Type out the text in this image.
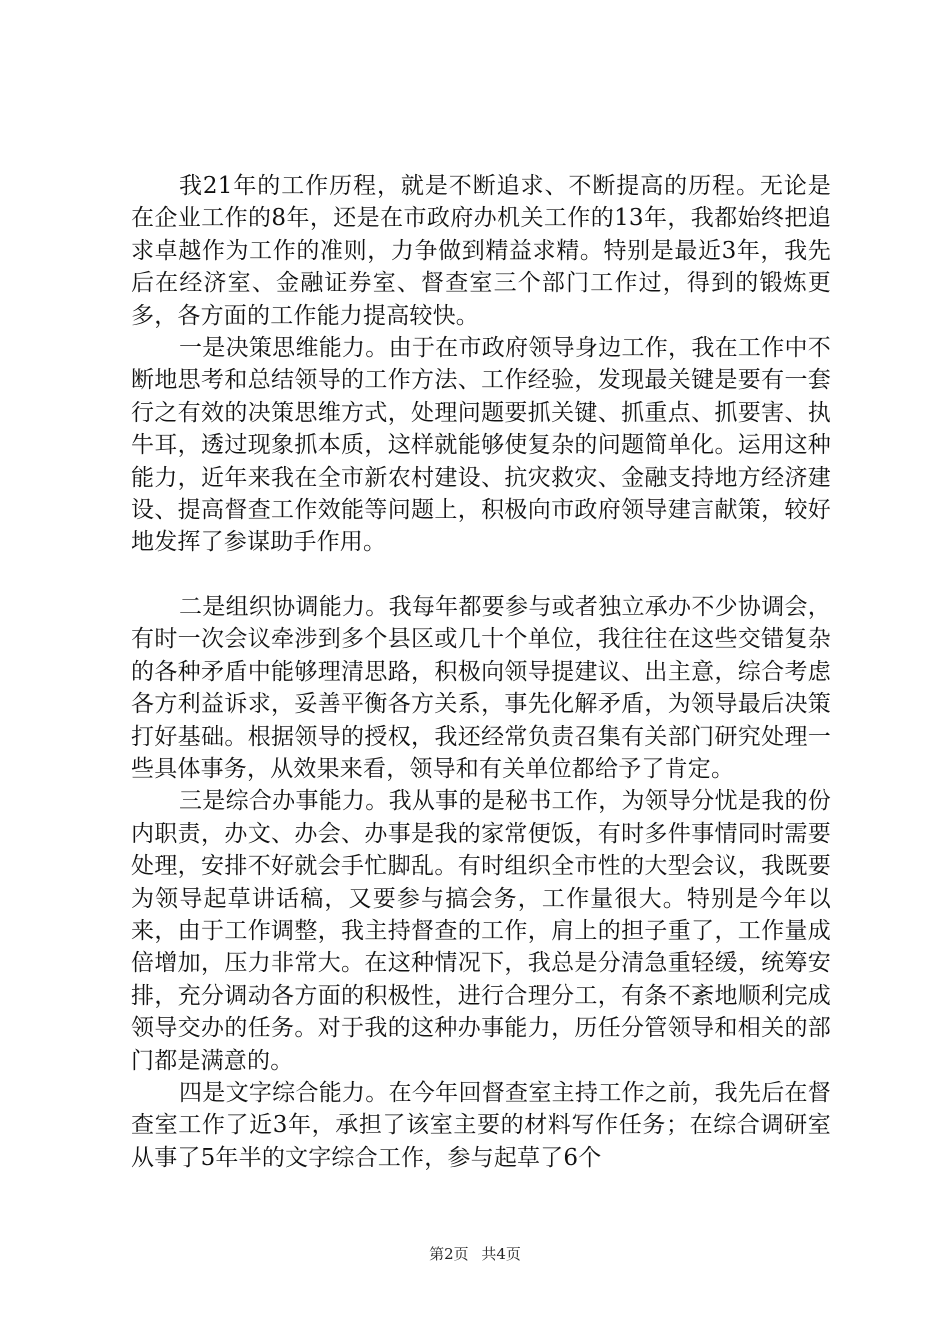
我21年的工作历程，就是不断追求、不断提高的历程。无论是在企业工作的8年，还是在市政府办机关工作的13年，我都始终把追求卓越作为工作的准则，力争做到精益求精。特别是最近3年，我先后在经济室、金融证券室、督查室三个部门工作过，得到的锻炼更多，各方面的工作能力提高较快。

一是决策思维能力。由于在市政府领导身边工作，我在工作中不断地思考和总结领导的工作方法、工作经验，发现最关键是要有一套行之有效的决策思维方式，处理问题要抓关键、抓重点、抓要害、执牛耳，透过现象抓本质，这样就能够使复杂的问题简单化。运用这种能力，近年来我在全市新农村建设、抗灾救灾、金融支持地方经济建设、提高督查工作效能等问题上，积极向市政府领导建言献策，较好地发挥了参谋助手作用。

二是组织协调能力。我每年都要参与或者独立承办不少协调会，有时一次会议牵涉到多个县区或几十个单位，我往往在这些交错复杂的各种矛盾中能够理清思路，积极向领导提建议、出主意，综合考虑各方利益诉求，妥善平衡各方关系，事先化解矛盾，为领导最后决策打好基础。根据领导的授权，我还经常负责召集有关部门研究处理一些具体事务，从效果来看，领导和有关单位都给予了肯定。

三是综合办事能力。我从事的是秘书工作，为领导分忧是我的份内职责，办文、办会、办事是我的家常便饭，有时多件事情同时需要处理，安排不好就会手忙脚乱。有时组织全市性的大型会议，我既要为领导起草讲话稿，又要参与搞会务，工作量很大。特别是今年以来，由于工作调整，我主持督查的工作，肩上的担子重了，工作量成倍增加，压力非常大。在这种情况下，我总是分清急重轻缓，统筹安排，充分调动各方面的积极性，进行合理分工，有条不紊地顺利完成领导交办的任务。对于我的这种办事能力，历任分管领导和相关的部门都是满意的。

四是文字综合能力。在今年回督查室主持工作之前，我先后在督查室工作了近3年，承担了该室主要的材料写作任务；在综合调研室从事了5年半的文字综合工作，参与起草了6个

第2页 共4页
